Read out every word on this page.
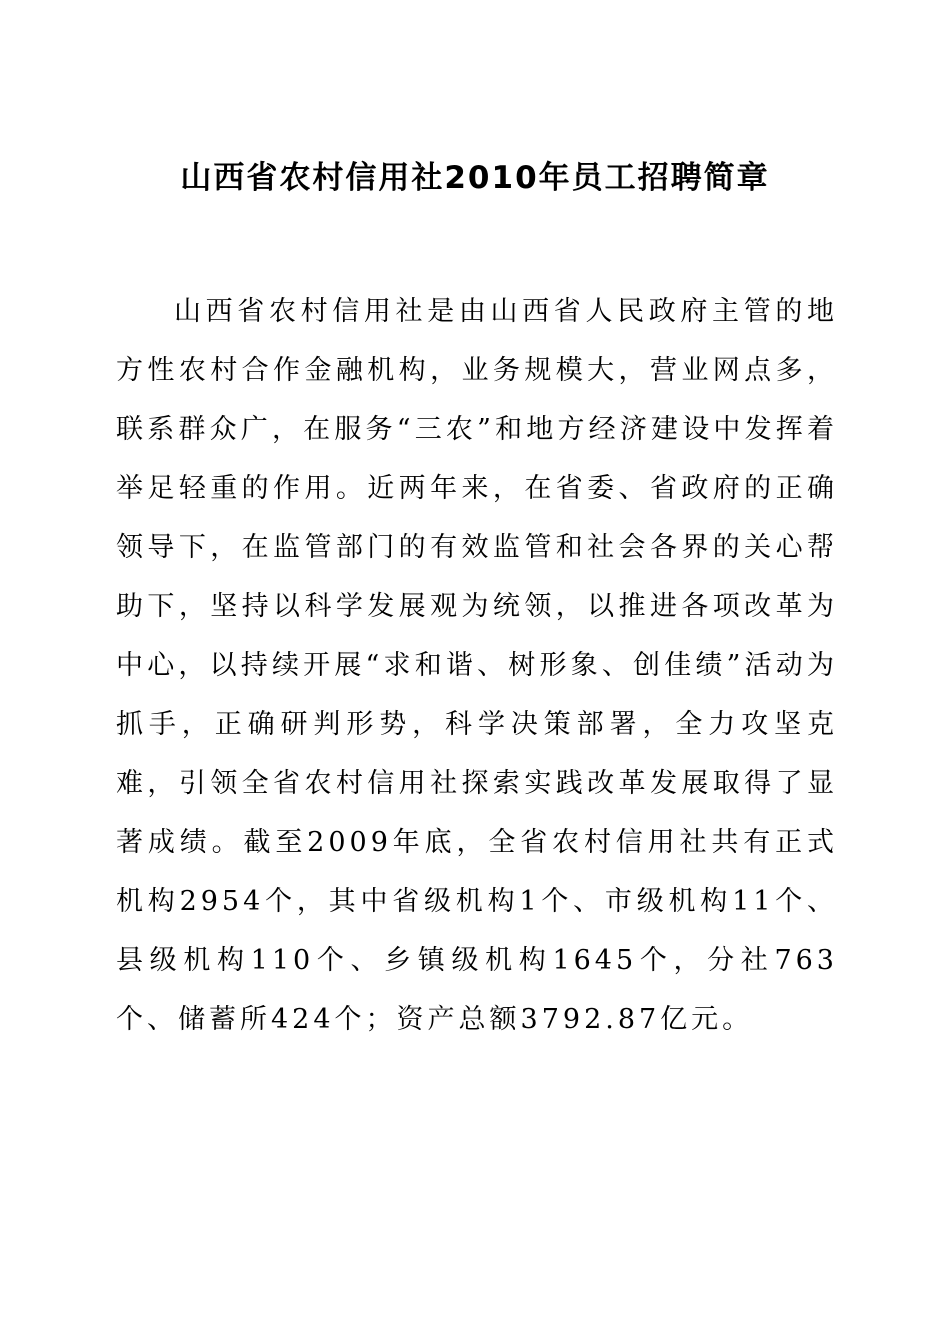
山西省农村信用社2010年员工招聘简章

山西省农村信用社是由山西省人民政府主管的地方性农村合作金融机构，业务规模大，营业网点多，联系群众广，在服务“三农”和地方经济建设中发挥着举足轻重的作用。近两年来，在省委、省政府的正确领导下，在监管部门的有效监管和社会各界的关心帮助下，坚持以科学发展观为统领，以推进各项改革为中心，以持续开展“求和谐、树形象、创佳绩”活动为抓手，正确研判形势，科学决策部署，全力攻坚克难，引领全省农村信用社探索实践改革发展取得了显著成绩。截至2009年底，全省农村信用社共有正式机构2954个，其中省级机构1个、市级机构11个、县级机构110个、乡镇级机构1645个，分社763个、储蓄所424个；资产总额3792.87亿元。
